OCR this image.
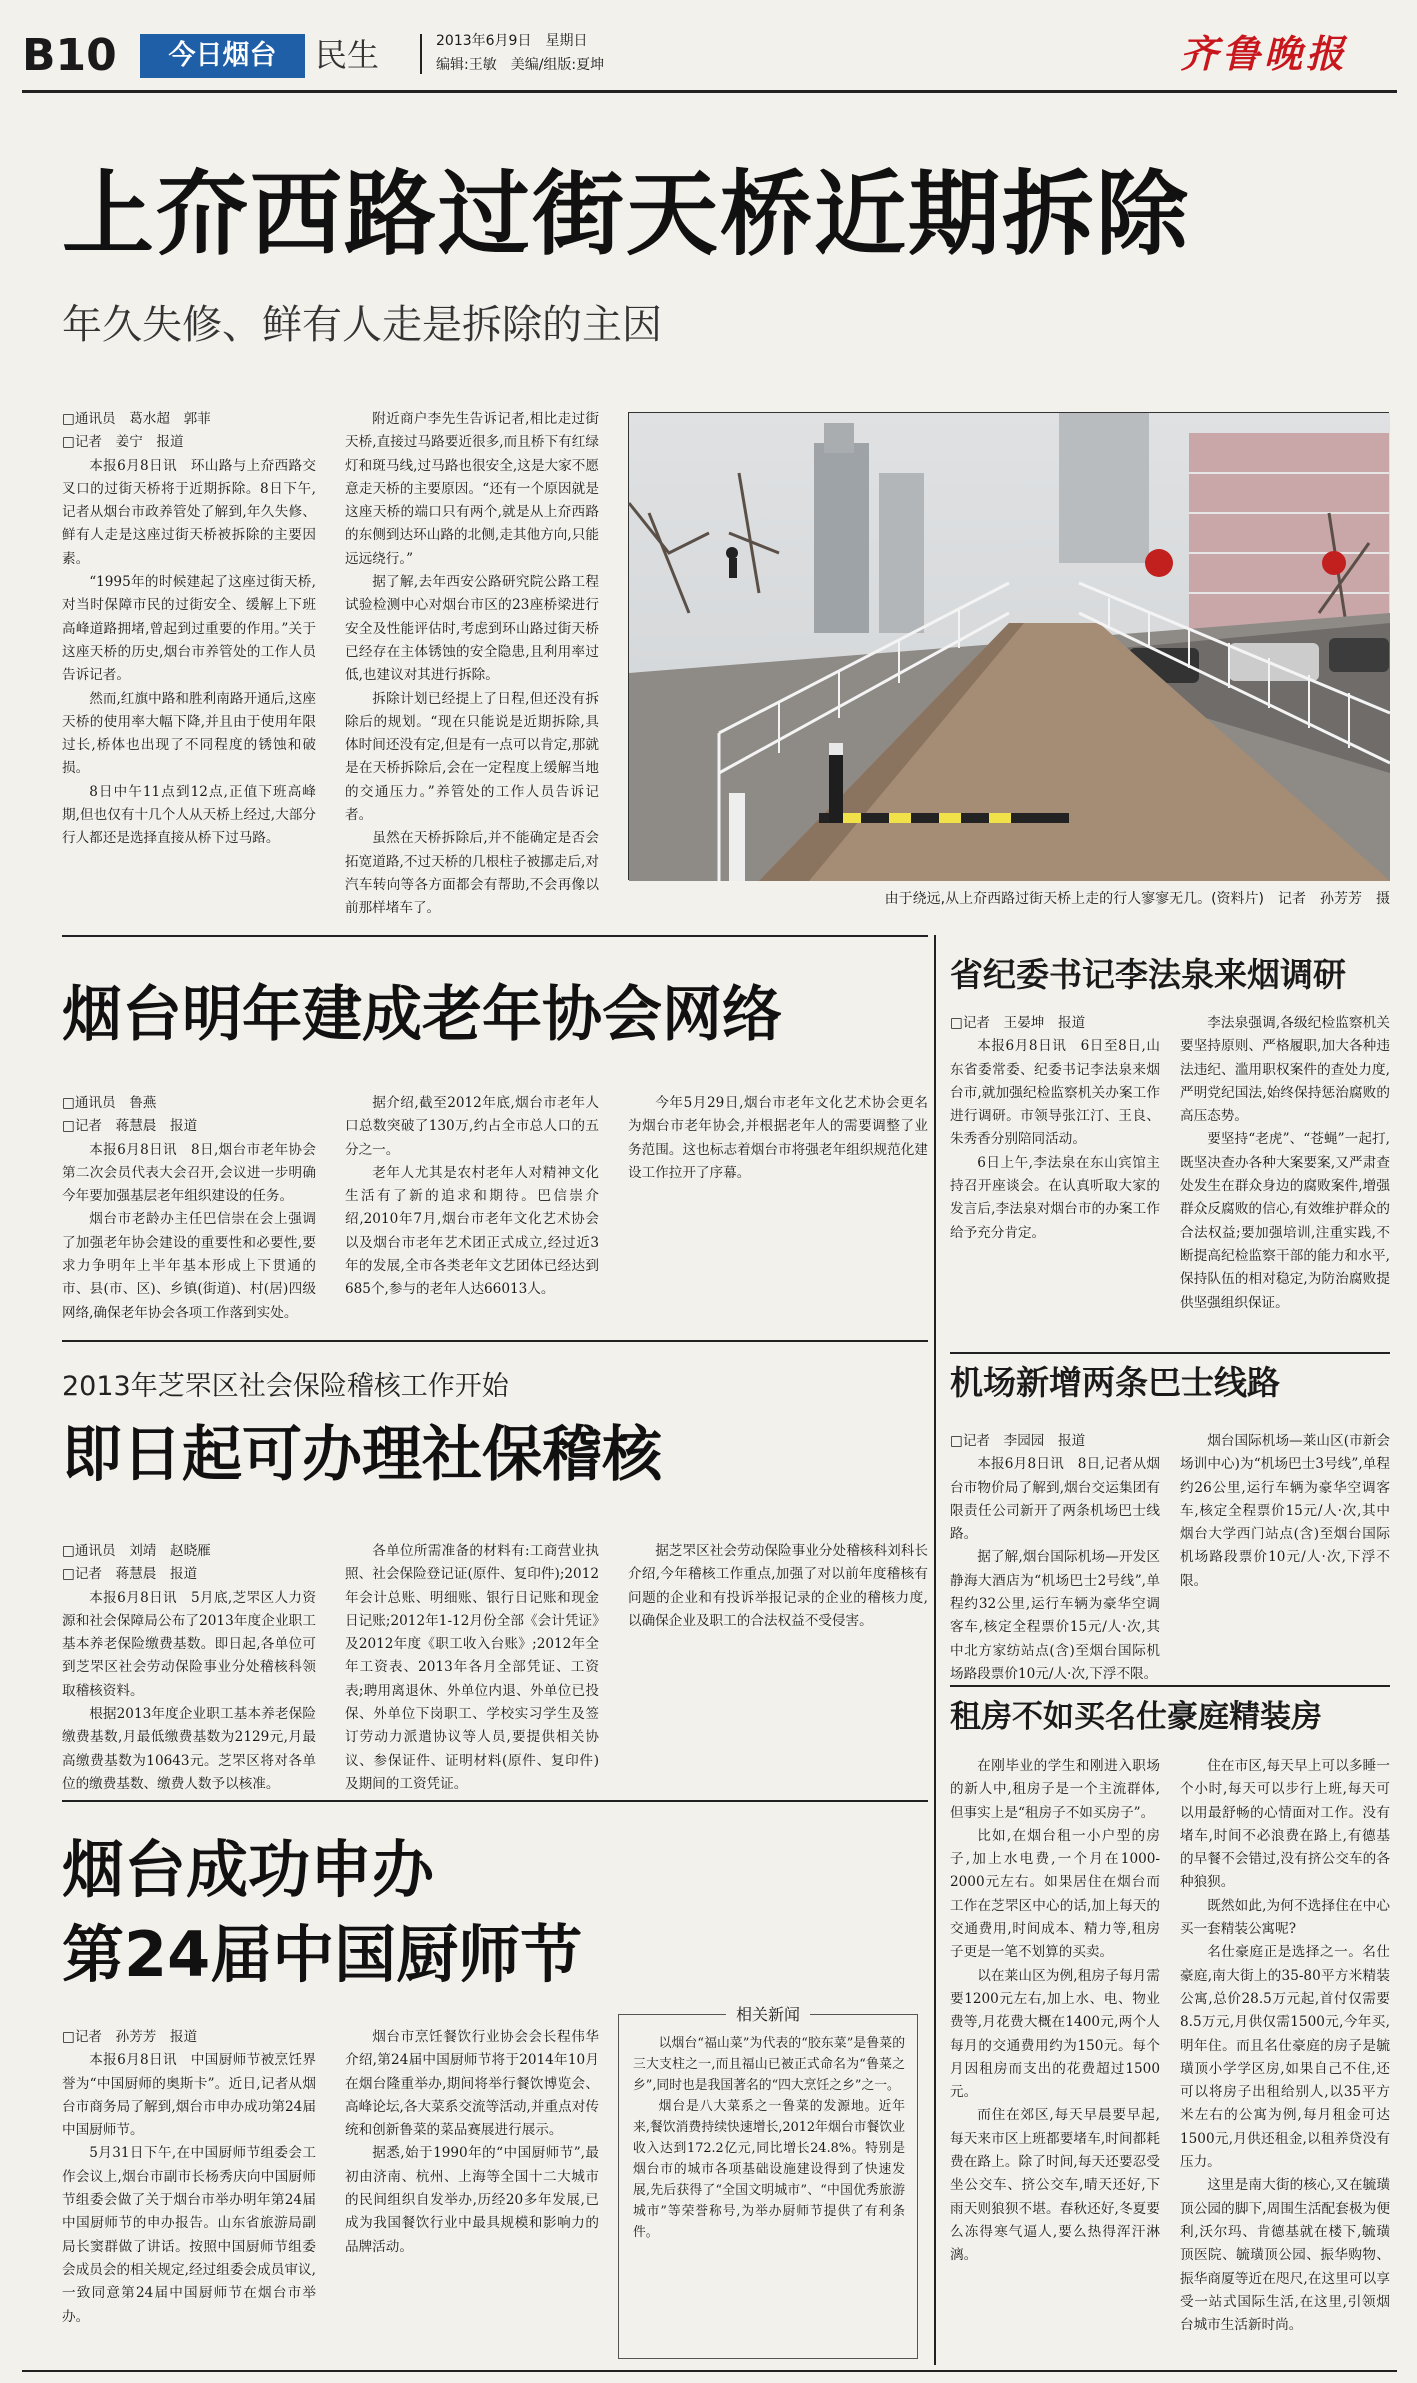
B10	今日烟台	民生	2013年6月9日　星期日
编辑:王敏　美编/组版:夏坤	齐鲁晚报
上夼西路过街天桥近期拆除
年久失修、鲜有人走是拆除的主因

□通讯员　葛水超　郭菲

□记者　姜宁　报道

本报6月8日讯　环山路与上夼西路交叉口的过街天桥将于近期拆除。8日下午,记者从烟台市政养管处了解到,年久失修、鲜有人走是这座过街天桥被拆除的主要因素。

“1995年的时候建起了这座过街天桥,对当时保障市民的过街安全、缓解上下班高峰道路拥堵,曾起到过重要的作用。”关于这座天桥的历史,烟台市养管处的工作人员告诉记者。

然而,红旗中路和胜利南路开通后,这座天桥的使用率大幅下降,并且由于使用年限过长,桥体也出现了不同程度的锈蚀和破损。

8日中午11点到12点,正值下班高峰期,但也仅有十几个人从天桥上经过,大部分行人都还是选择直接从桥下过马路。

附近商户李先生告诉记者,相比走过街天桥,直接过马路要近很多,而且桥下有红绿灯和斑马线,过马路也很安全,这是大家不愿意走天桥的主要原因。“还有一个原因就是这座天桥的端口只有两个,就是从上夼西路的东侧到达环山路的北侧,走其他方向,只能远远绕行。”

据了解,去年西安公路研究院公路工程试验检测中心对烟台市区的23座桥梁进行安全及性能评估时,考虑到环山路过街天桥已经存在主体锈蚀的安全隐患,且利用率过低,也建议对其进行拆除。

拆除计划已经提上了日程,但还没有拆除后的规划。“现在只能说是近期拆除,具体时间还没有定,但是有一点可以肯定,那就是在天桥拆除后,会在一定程度上缓解当地的交通压力。”养管处的工作人员告诉记者。

虽然在天桥拆除后,并不能确定是否会拓宽道路,不过天桥的几根柱子被挪走后,对汽车转向等各方面都会有帮助,不会再像以前那样堵车了。

由于绕远,从上夼西路过街天桥上走的行人寥寥无几。(资料片)　记者　孙芳芳　摄
烟台明年建成老年协会网络

□通讯员　鲁燕

□记者　蒋慧晨　报道

本报6月8日讯　8日,烟台市老年协会第二次会员代表大会召开,会议进一步明确今年要加强基层老年组织建设的任务。

烟台市老龄办主任巴信崇在会上强调了加强老年协会建设的重要性和必要性,要求力争明年上半年基本形成上下贯通的市、县(市、区)、乡镇(街道)、村(居)四级网络,确保老年协会各项工作落到实处。

据介绍,截至2012年底,烟台市老年人口总数突破了130万,约占全市总人口的五分之一。

老年人尤其是农村老年人对精神文化生活有了新的追求和期待。巴信崇介绍,2010年7月,烟台市老年文化艺术协会以及烟台市老年艺术团正式成立,经过近3年的发展,全市各类老年文艺团体已经达到685个,参与的老年人达66013人。

今年5月29日,烟台市老年文化艺术协会更名为烟台市老年协会,并根据老年人的需要调整了业务范围。这也标志着烟台市将强老年组织规范化建设工作拉开了序幕。

2013年芝罘区社会保险稽核工作开始
即日起可办理社保稽核

□通讯员　刘靖　赵晓雁

□记者　蒋慧晨　报道

本报6月8日讯　5月底,芝罘区人力资源和社会保障局公布了2013年度企业职工基本养老保险缴费基数。即日起,各单位可到芝罘区社会劳动保险事业分处稽核科领取稽核资料。

根据2013年度企业职工基本养老保险缴费基数,月最低缴费基数为2129元,月最高缴费基数为10643元。芝罘区将对各单位的缴费基数、缴费人数予以核准。

各单位所需准备的材料有:工商营业执照、社会保险登记证(原件、复印件);2012年会计总账、明细账、银行日记账和现金日记账;2012年1-12月份全部《会计凭证》及2012年度《职工收入台账》;2012年全年工资表、2013年各月全部凭证、工资表;聘用离退休、外单位内退、外单位已投保、外单位下岗职工、学校实习学生及签订劳动力派遣协议等人员,要提供相关协议、参保证件、证明材料(原件、复印件)及期间的工资凭证。

据芝罘区社会劳动保险事业分处稽核科刘科长介绍,今年稽核工作重点,加强了对以前年度稽核有问题的企业和有投诉举报记录的企业的稽核力度,以确保企业及职工的合法权益不受侵害。

烟台成功申办
第24届中国厨师节

□记者　孙芳芳　报道

本报6月8日讯　中国厨师节被烹饪界誉为“中国厨师的奥斯卡”。近日,记者从烟台市商务局了解到,烟台市申办成功第24届中国厨师节。

5月31日下午,在中国厨师节组委会工作会议上,烟台市副市长杨秀庆向中国厨师节组委会做了关于烟台市举办明年第24届中国厨师节的申办报告。山东省旅游局副局长窦群做了讲话。按照中国厨师节组委会成员会的相关规定,经过组委会成员审议,一致同意第24届中国厨师节在烟台市举办。

烟台市烹饪餐饮行业协会会长程伟华介绍,第24届中国厨师节将于2014年10月在烟台隆重举办,期间将举行餐饮博览会、高峰论坛,各大菜系交流等活动,并重点对传统和创新鲁菜的菜品赛展进行展示。

据悉,始于1990年的“中国厨师节”,最初由济南、杭州、上海等全国十二大城市的民间组织自发举办,历经20多年发展,已成为我国餐饮行业中最具规模和影响力的品牌活动。

相关新闻

以烟台“福山菜”为代表的“胶东菜”是鲁菜的三大支柱之一,而且福山已被正式命名为“鲁菜之乡”,同时也是我国著名的“四大烹饪之乡”之一。

烟台是八大菜系之一鲁菜的发源地。近年来,餐饮消费持续快速增长,2012年烟台市餐饮业收入达到172.2亿元,同比增长24.8%。特别是烟台市的城市各项基础设施建设得到了快速发展,先后获得了“全国文明城市”、“中国优秀旅游城市”等荣誉称号,为举办厨师节提供了有利条件。

省纪委书记李法泉来烟调研

□记者　王晏坤　报道

本报6月8日讯　6日至8日,山东省委常委、纪委书记李法泉来烟台市,就加强纪检监察机关办案工作进行调研。市领导张江汀、王良、朱秀香分别陪同活动。

6日上午,李法泉在东山宾馆主持召开座谈会。在认真听取大家的发言后,李法泉对烟台市的办案工作给予充分肯定。

李法泉强调,各级纪检监察机关要坚持原则、严格履职,加大各种违法违纪、滥用职权案件的查处力度,严明党纪国法,始终保持惩治腐败的高压态势。

要坚持“老虎”、“苍蝇”一起打,既坚决查办各种大案要案,又严肃查处发生在群众身边的腐败案件,增强群众反腐败的信心,有效维护群众的合法权益;要加强培训,注重实践,不断提高纪检监察干部的能力和水平,保持队伍的相对稳定,为防治腐败提供坚强组织保证。

机场新增两条巴士线路

□记者　李园园　报道

本报6月8日讯　8日,记者从烟台市物价局了解到,烟台交运集团有限责任公司新开了两条机场巴士线路。

据了解,烟台国际机场—开发区静海大酒店为“机场巴士2号线”,单程约32公里,运行车辆为豪华空调客车,核定全程票价15元/人·次,其中北方家纺站点(含)至烟台国际机场路段票价10元/人·次,下浮不限。

烟台国际机场—莱山区(市新会场训中心)为“机场巴士3号线”,单程约26公里,运行车辆为豪华空调客车,核定全程票价15元/人·次,其中烟台大学西门站点(含)至烟台国际机场路段票价10元/人·次,下浮不限。

租房不如买名仕豪庭精装房

在刚毕业的学生和刚进入职场的新人中,租房子是一个主流群体,但事实上是“租房子不如买房子”。

比如,在烟台租一小户型的房子,加上水电费,一个月在1000-2000元左右。如果居住在烟台而工作在芝罘区中心的话,加上每天的交通费用,时间成本、精力等,租房子更是一笔不划算的买卖。

以在莱山区为例,租房子每月需要1200元左右,加上水、电、物业费等,月花费大概在1400元,两个人每月的交通费用约为150元。每个月因租房而支出的花费超过1500元。

而住在郊区,每天早晨要早起,每天来市区上班都要堵车,时间都耗费在路上。除了时间,每天还要忍受坐公交车、挤公交车,晴天还好,下雨天则狼狈不堪。春秋还好,冬夏要么冻得寒气逼人,要么热得浑汗淋漓。

住在市区,每天早上可以多睡一个小时,每天可以步行上班,每天可以用最舒畅的心情面对工作。没有堵车,时间不必浪费在路上,有德基的早餐不会错过,没有挤公交车的各种狼狈。

既然如此,为何不选择住在中心买一套精装公寓呢?

名仕豪庭正是选择之一。名仕豪庭,南大街上的35-80平方米精装公寓,总价28.5万元起,首付仅需要8.5万元,月供仅需1500元,今年买,明年住。而且名仕豪庭的房子是毓璜顶小学学区房,如果自己不住,还可以将房子出租给别人,以35平方米左右的公寓为例,每月租金可达1500元,月供还租金,以租养贷没有压力。

这里是南大街的核心,又在毓璜顶公园的脚下,周围生活配套极为便利,沃尔玛、肯德基就在楼下,毓璜顶医院、毓璜顶公园、振华购物、振华商厦等近在咫尺,在这里可以享受一站式国际生活,在这里,引领烟台城市生活新时尚。
